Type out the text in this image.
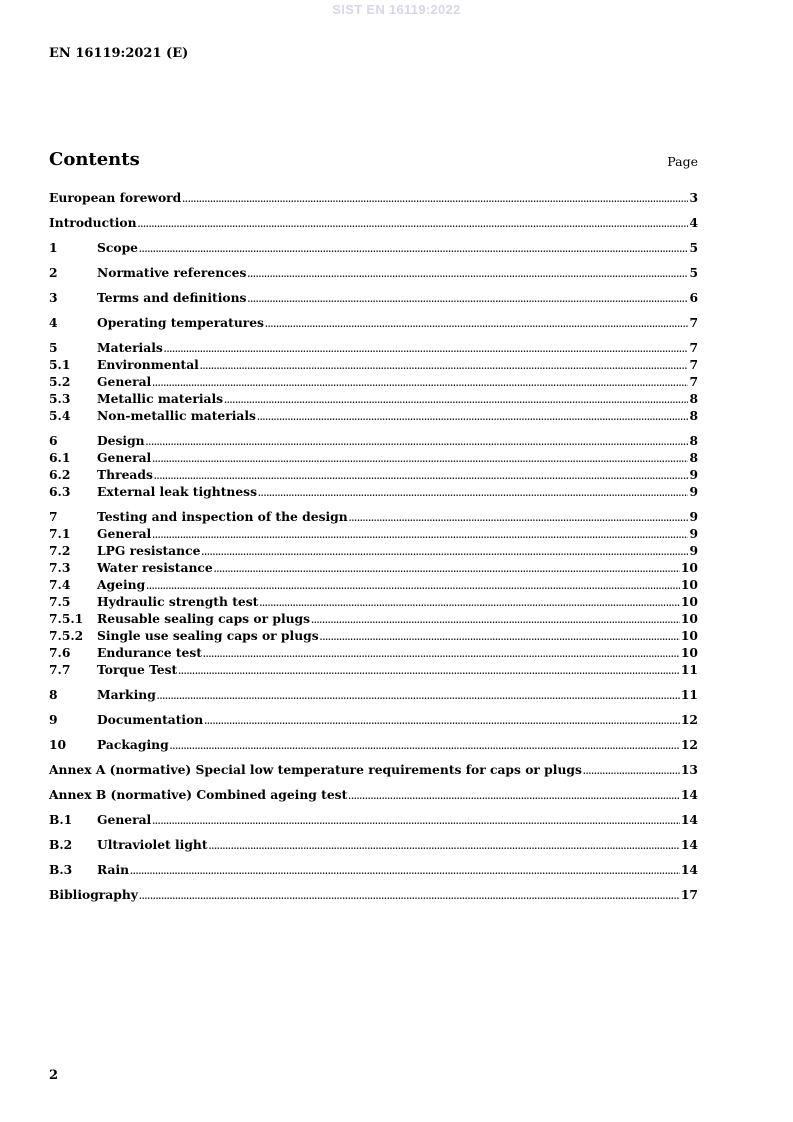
SIST EN 16119:2022
EN 16119:2021 (E)
Contents	Page
European foreword .....	3
Introduction .....	4
1	Scope .....	5
2	Normative references .....	5
3	Terms and definitions .....	6
4	Operating temperatures .....	7
5	Materials .....	7
5.1	Environmental .....	7
5.2	General .....	7
5.3	Metallic materials .....	8
5.4	Non-metallic materials .....	8
6	Design .....	8
6.1	General .....	8
6.2	Threads .....	9
6.3	External leak tightness .....	9
7	Testing and inspection of the design .....	9
7.1	General .....	9
7.2	LPG resistance .....	9
7.3	Water resistance .....	10
7.4	Ageing .....	10
7.5	Hydraulic strength test .....	10
7.5.1	Reusable sealing caps or plugs .....	10
7.5.2	Single use sealing caps or plugs .....	10
7.6	Endurance test .....	10
7.7	Torque Test .....	11
8	Marking .....	11
9	Documentation .....	12
10	Packaging .....	12
Annex A (normative) Special low temperature requirements for caps or plugs .....	13
Annex B (normative) Combined ageing test .....	14
B.1	General .....	14
B.2	Ultraviolet light .....	14
B.3	Rain .....	14
Bibliography .....	17
2
